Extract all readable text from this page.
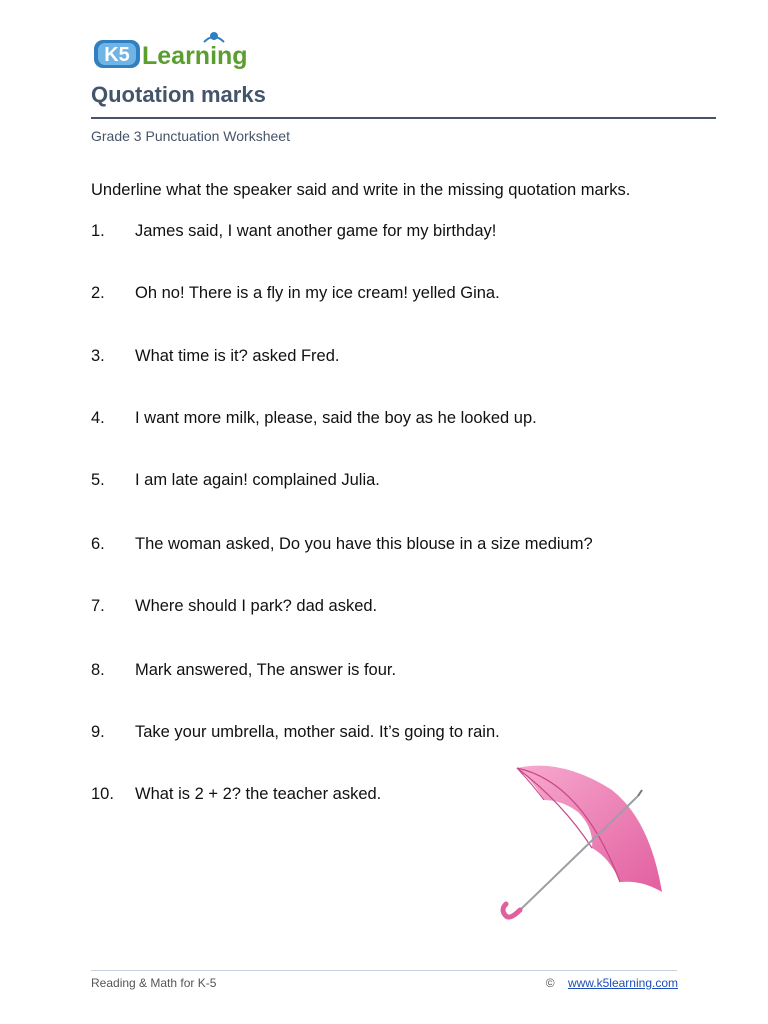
K5 Learning
Quotation marks
Grade 3 Punctuation Worksheet
Underline what the speaker said and write in the missing quotation marks.
1. James said, I want another game for my birthday!
2. Oh no! There is a fly in my ice cream! yelled Gina.
3. What time is it? asked Fred.
4. I want more milk, please, said the boy as he looked up.
5. I am late again! complained Julia.
6. The woman asked, Do you have this blouse in a size medium?
7. Where should I park? dad asked.
8. Mark answered, The answer is four.
9. Take your umbrella, mother said. It’s going to rain.
10. What is 2 + 2? the teacher asked.
Reading & Math for K-5	© www.k5learning.com
